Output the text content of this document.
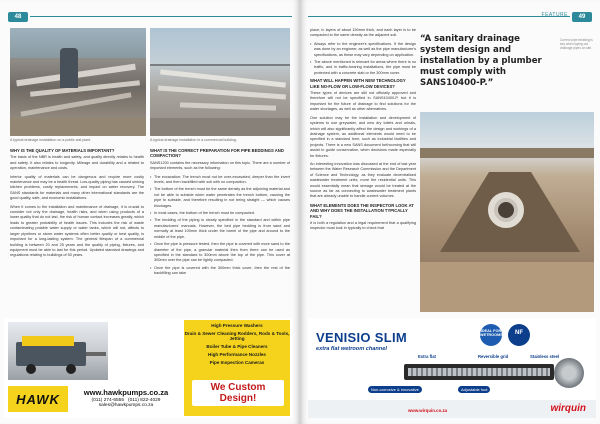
48
A typical drainage installation on a public wat plant.	A typical drainage installation in a commercial building.
WHY IS THE QUALITY OF MATERIALS IMPORTANT?

The basis of the NBR is health and safety, and quality directly relates to health and safety. It also relates to longevity. Mileage and durability and a related to operation, maintenance and costs.

Inferior quality of materials can be dangerous and require more costly maintenance and may be a health threat. Low-quality piping has caused sinking kitchen problems, costly replacements, and impact on water recovery. The SANS standards for materials and many other international standards are the good quality, safe, and economic installations.

When it comes to the installation and maintenance of drainage, it is crucial to consider not only the drainage, health risks, and when using products of a lower quality that do not last, the risk of human contact increases greatly, which leads to greater probability of health issues. This includes the risk of waste contaminating potable water supply or water tanks, which will not, affects to larger pipelines or storm water systems often better quality or best quality, is important for a long-lasting system. The general lifespan of a commercial building is between 20 and 25 years and the quality of piping, fixtures, and equipment must be able to last for this period. Updated standard drawings and regulations relating to buildings of 50 years.

WHAT IS THE CORRECT PREPARATION FOR PIPE BEDDINGS AND COMPACTION?

SANS1200 contains the necessary information on this topic. There are a number of important elements, such as the following:

• The excavation: The trench must not be over-excavated, deeper than the invert levels, and then backfilled with soil with no compaction.
• The bottom of the trench must be the same density as the adjoining material and not be able to subside when water penetrates the trench bottom, causing the pipe to subside, and therefore resulting in not being straight — which causes blockages.
• In most cases, the bottom of the trench must be compacted.
• The bedding of the piping is clearly specified in the standard and within pipe manufacturers' manuals. However, the bed pipe bedding is from sand and normally at least 100mm thick under the barrel of the pipe and around to the middle of the pipe.
• Once the pipe is pressure tested, then the pipe is covered with more sand to the diameter of the pipe, a granular material then from there can be used as specified in the standard to 300mm above the top of the pipe. This cover at 300mm over the pipe can be lightly compacted.
• Once the pipe is covered with the 300mm thick cover, then the rest of the backfilling can take
HAWK	www.hawkpumps.co.za
(011) 274-6555 (011) 822-4029
sales@hawkpumps.co.za
High Pressure Washers
Drain & Sewer Cleaning Rodders, Rods & Tools, Jetting
Boiler Tube & Pipe Cleaners
High Performance Nozzles
Pipe Inspection Cameras
We Custom Design!
49
FEATURE

place, in layers of about 150mm thick, and each layer is to be compacted to the same density as the adjacent soil.

• Always refer to the engineer's specifications. If the design was done by an engineer, as well as the pipe manufacturer's specifications, as these may vary depending on application.
• The above mentioned is relevant for areas where there is no traffic, and in traffic-bearing installations, the pipe must be protected with a concrete slab or the 300mm cover.
WHAT WILL HAPPEN WITH NEW TECHNOLOGY LIKE NO-FLOW OR LOW-FLOW DEVICES?

These types of devices are still not officially approved and therefore will not be specified in SANS10400-P, but it is important for the future of drainage to find solutions for the water shortages, as well as other alternatives.

One solution may be the installation and development of systems to use greywater, and new dry toilets and urinals, which will also significantly affect the design and workings of a drainage system, as additional elements would need to be specified in a standard form, such as industrial facilities and projects. There is a new SANS document forthcoming that will assist to guide conservation, when decisions made especially for fixtures.

An interesting innovation was discussed at the end of last year between the Water Research Commission and the Department of Science and Technology, as they evaluate decentralised wastewater treatment units, more the residential units. This would essentially mean that sewage would be treated at the source as far as connecting to wastewater treatment plants that are already unable to handle current volumes.

WHAT ELEMENTS DOES THE INSPECTOR LOOK AT AND WHY DOES THE INSTALLATION TYPICALLY FAIL?

It is both a regulation and a legal requirement that a qualifying inspector must look in typically to check that

“A sanitary drainage system design and installation by a plumber must comply with SANS10400-P.”
Correct pipe bedding is key when laying out drainage pipes on site.
VENISIO SLIM
extra flat wetroom channel
IDEAL FOR WETROOMS	NF
Extra flat	Reversible grid	Stainless steel
Non-corrosive & innovative	Adjustable foot
www.wirquin.co.za	wirquin
